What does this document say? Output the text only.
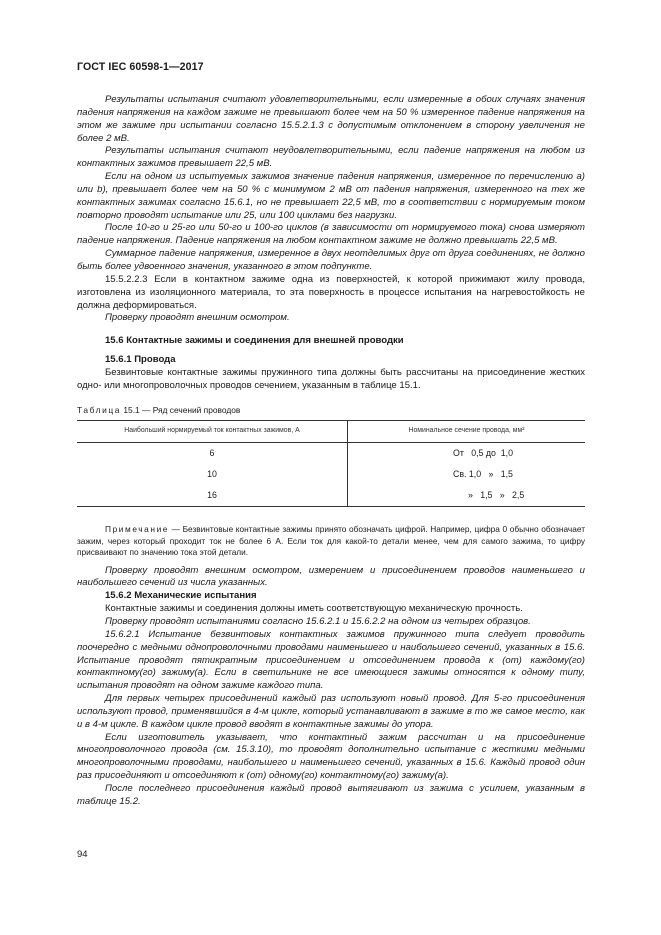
ГОСТ IEC 60598-1—2017

Результаты испытания считают удовлетворительными, если измеренные в обоих случаях значения падения напряжения на каждом зажиме не превышают более чем на 50 % измеренное падение напряжения на этом же зажиме при испытании согласно 15.5.2.1.3 с допустимым отклонением в сторону увеличения не более 2 мВ.

Результаты испытания считают неудовлетворительными, если падение напряжения на любом из контактных зажимов превышает 22,5 мВ.

Если на одном из испытуемых зажимов значение падения напряжения, измеренное по перечислению а) или b), превышает более чем на 50 % с минимумом 2 мВ от падения напряжения, измеренного на тех же контактных зажимах согласно 15.6.1, но не превышает 22,5 мВ, то в соответствии с нормируемым током повторно проводят испытание или 25, или 100 циклами без нагрузки.

После 10-го и 25-го или 50-го и 100-го циклов (в зависимости от нормируемого тока) снова измеряют падение напряжения. Падение напряжения на любом контактном зажиме не должно превышать 22,5 мВ.

Суммарное падение напряжения, измеренное в двух неотделимых друг от друга соединениях, не должно быть более удвоенного значения, указанного в этом подпункте.

15.5.2.2.3 Если в контактном зажиме одна из поверхностей, к которой прижимают жилу провода, изготовлена из изоляционного материала, то эта поверхность в процессе испытания на нагревостойкость не должна деформироваться.

Проверку проводят внешним осмотром.

15.6 Контактные зажимы и соединения для внешней проводки

15.6.1 Провода

Безвинтовые контактные зажимы пружинного типа должны быть рассчитаны на присоединение жестких одно- или многопроволочных проводов сечением, указанным в таблице 15.1.

Таблица 15.1 — Ряд сечений проводов

Наибольший нормируемый ток контактных зажимов, А	Номинальное сечение провода, мм²
6	От   0,5 до  1,0
10	Св. 1,0   »   1,5
16	»   1,5   »   2,5

Примечание — Безвинтовые контактные зажимы принято обозначать цифрой. Например, цифра 0 обычно обозначает зажим, через который проходит ток не более 6 А. Если ток для какой-то детали менее, чем для самого зажима, то цифру присваивают по значению тока этой детали.

Проверку проводят внешним осмотром, измерением и присоединением проводов наименьшего и наибольшего сечений из числа указанных.

15.6.2 Механические испытания

Контактные зажимы и соединения должны иметь соответствующую механическую прочность.

Проверку проводят испытаниями согласно 15.6.2.1 и 15.6.2.2 на одном из четырех образцов.

15.6.2.1 Испытание безвинтовых контактных зажимов пружинного типа следует проводить поочередно с медными однопроволочными проводами наименьшего и наибольшего сечений, указанных в 15.6. Испытание проводят пятикратным присоединением и отсоединением провода к (от) каждому(го) контактному(го) зажиму(а). Если в светильнике не все имеющиеся зажимы относятся к одному типу, испытания проводят на одном зажиме каждого типа.

Для первых четырех присоединений каждый раз используют новый провод. Для 5-го присоединения используют провод, применявшийся в 4-м цикле, который устанавливают в зажиме в то же самое место, как и в 4-м цикле. В каждом цикле провод вводят в контактные зажимы до упора.

Если изготовитель указывает, что контактный зажим рассчитан и на присоединение многопроволочного провода (см. 15.3.10), то проводят дополнительно испытание с жесткими медными многопроволочными проводами, наибольшего и наименьшего сечений, указанных в 15.6. Каждый провод один раз присоединяют и отсоединяют к (от) одному(го) контактному(го) зажиму(а).

После последнего присоединения каждый провод вытягивают из зажима с усилием, указанным в таблице 15.2.

94
